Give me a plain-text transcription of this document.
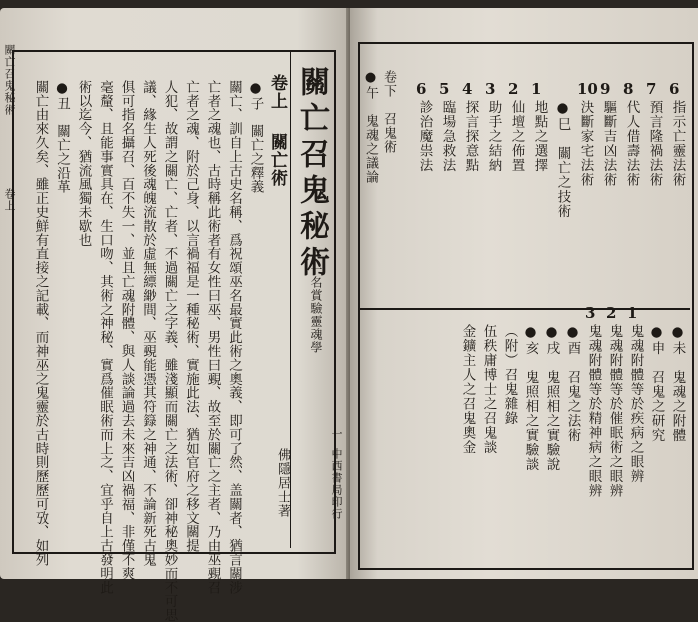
關亡召鬼秘術
卷上
一
中西書局印行
關亡召鬼秘術
一名賞驗靈魂學
佛隱居士著
卷上
關亡術
●子　關亡之釋義
關亡、訓自上古史名稱、爲祝頌巫名最實此術之奧義、即可了然、盖關者、猶言關涉
亡者之魂也、古時稱此術者有女性曰巫、男性曰覡、故至於關亡之主者、乃由巫覡召
亡者之魂、附於己身、以言禍福是一種秘術、實施此法、猶如官府之移文關提
人犯、故謂之關亡、亡者、不過關亡之字義、雖淺顯而關亡之法術、卻神秘奧妙而不可思
議、緣生人死後魂魄流散於虛無縹緲間、巫覡能憑其符籙之神通、不論新死古鬼
俱可指名攝召、百不失一、並且亡魂附體、與人談論過去未來吉凶禍福、非僅不爽
毫釐、且能事實具在、生口吻、其術之神秘、實爲催眠術而上之、宜乎自上古發明此
術以迄今、猶流風獨未歇也
●丑　關亡之沿革
關亡由來久矣、雖正史鮮有直接之記載、而神巫之鬼靈於古時則歷歷可攷、如列	卷下　召鬼術
●午　鬼魂之議論	6
指示亡靈法術
7
預言隆禍法術
8
代人借壽法術
9
驅斷吉凶法術
10
決斷家宅法術
●巳　關亡之技術
1
地點之選擇
2
仙壇之佈置
3
助手之結納
4
探言探意點
5
臨場急救法
6
診治魔祟法
●未　鬼魂之附體
●申　召鬼之研究
1
鬼魂附體等於疾病之眼辨
2
鬼魂附體等於催眠術之眼辨
3
鬼魂附體等於精神病之眼辨
●酉　召鬼之法術
●戌　鬼照相之實驗說
●亥　鬼照相之實驗談
（附）召鬼雜錄
伍秩庸博士之召鬼談
金鑛主人之召鬼奧金
